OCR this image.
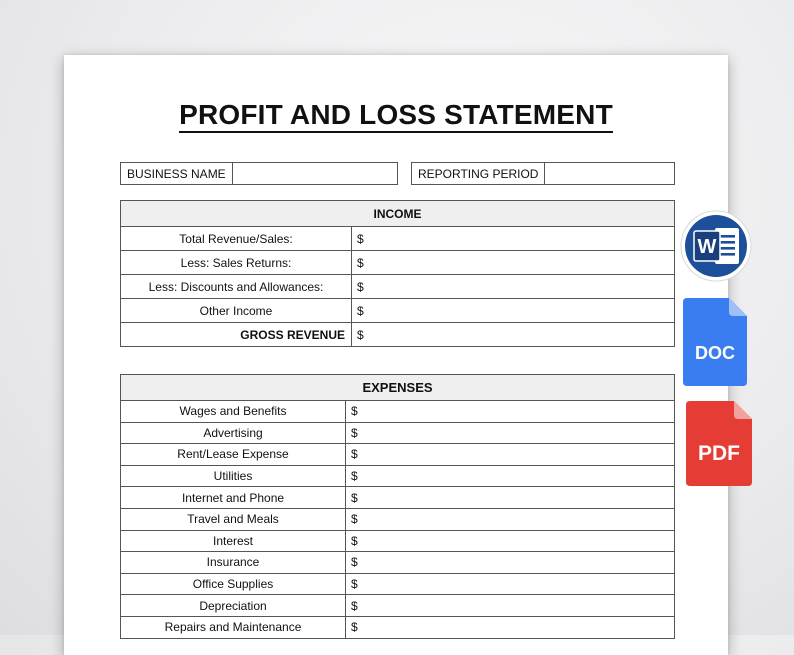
PROFIT AND LOSS STATEMENT
BUSINESS NAME	REPORTING PERIOD
INCOME	
Total Revenue/Sales:	$
Less: Sales Returns:	$
Less: Discounts and Allowances:	$
Other Income	$
GROSS REVENUE	$
EXPENSES	
Wages and Benefits	$
Advertising	$
Rent/Lease Expense	$
Utilities	$
Internet and Phone	$
Travel and Meals	$
Interest	$
Insurance	$
Office Supplies	$
Depreciation	$
Repairs and Maintenance	$
W
DOC
PDF
